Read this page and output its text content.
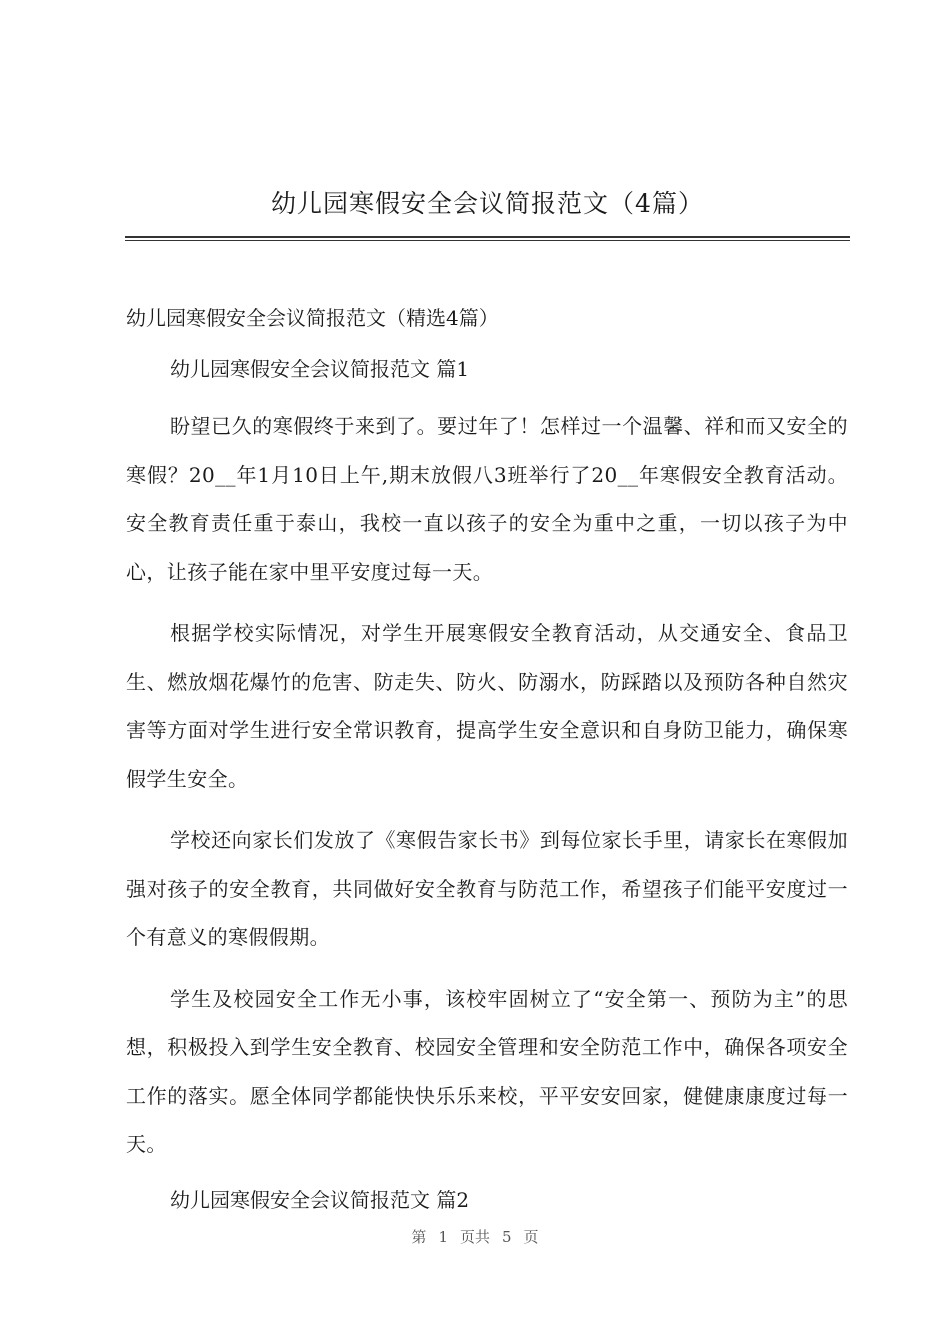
幼儿园寒假安全会议简报范文（4篇）

幼儿园寒假安全会议简报范文（精选4篇）

幼儿园寒假安全会议简报范文 篇1

盼望已久的寒假终于来到了。要过年了！怎样过一个温馨、祥和而又安全的寒假？20__年1月10日上午,期末放假八3班举行了20__年寒假安全教育活动。安全教育责任重于泰山，我校一直以孩子的安全为重中之重，一切以孩子为中心，让孩子能在家中里平安度过每一天。

根据学校实际情况，对学生开展寒假安全教育活动，从交通安全、食品卫生、燃放烟花爆竹的危害、防走失、防火、防溺水，防踩踏以及预防各种自然灾害等方面对学生进行安全常识教育，提高学生安全意识和自身防卫能力，确保寒假学生安全。

学校还向家长们发放了《寒假告家长书》到每位家长手里，请家长在寒假加强对孩子的安全教育，共同做好安全教育与防范工作，希望孩子们能平安度过一个有意义的寒假假期。

学生及校园安全工作无小事，该校牢固树立了“安全第一、预防为主”的思想，积极投入到学生安全教育、校园安全管理和安全防范工作中，确保各项安全工作的落实。愿全体同学都能快快乐乐来校，平平安安回家，健健康康度过每一天。

幼儿园寒假安全会议简报范文 篇2

第 1 页共 5 页
